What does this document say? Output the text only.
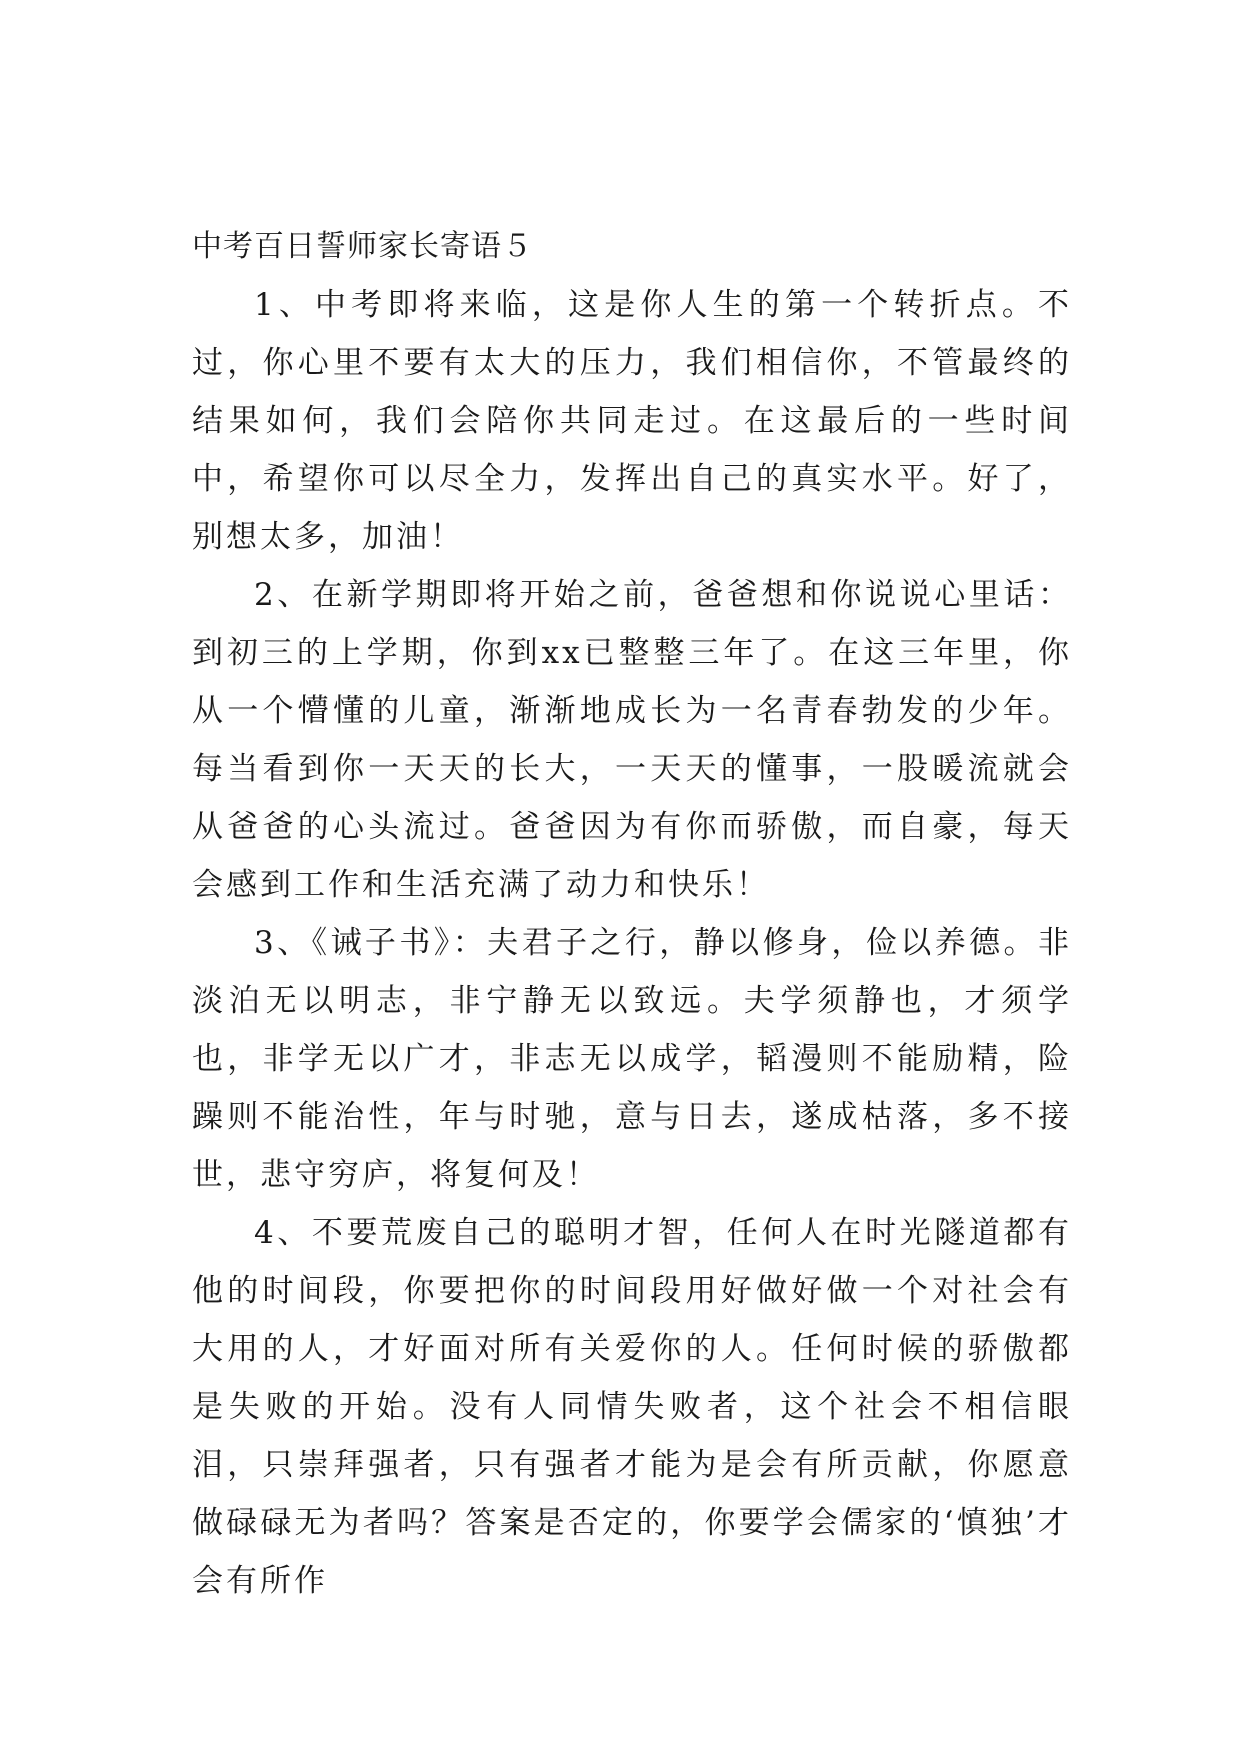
中考百日誓师家长寄语５

1、中考即将来临，这是你人生的第一个转折点。不过，你心里不要有太大的压力，我们相信你，不管最终的结果如何，我们会陪你共同走过。在这最后的一些时间中，希望你可以尽全力，发挥出自己的真实水平。好了，别想太多，加油！

2、在新学期即将开始之前，爸爸想和你说说心里话：到初三的上学期，你到xx已整整三年了。在这三年里，你从一个懵懂的儿童，渐渐地成长为一名青春勃发的少年。每当看到你一天天的长大，一天天的懂事，一股暖流就会从爸爸的心头流过。爸爸因为有你而骄傲，而自豪，每天会感到工作和生活充满了动力和快乐！

3、《诫子书》：夫君子之行，静以修身，俭以养德。非淡泊无以明志，非宁静无以致远。夫学须静也，才须学也，非学无以广才，非志无以成学，韬漫则不能励精，险躁则不能治性，年与时驰，意与日去，遂成枯落，多不接世，悲守穷庐，将复何及！

4、不要荒废自己的聪明才智，任何人在时光隧道都有他的时间段，你要把你的时间段用好做好做一个对社会有大用的人，才好面对所有关爱你的人。任何时候的骄傲都是失败的开始。没有人同情失败者，这个社会不相信眼泪，只崇拜强者，只有强者才能为是会有所贡献，你愿意做碌碌无为者吗？答案是否定的，你要学会儒家的‘慎独’才会有所作
